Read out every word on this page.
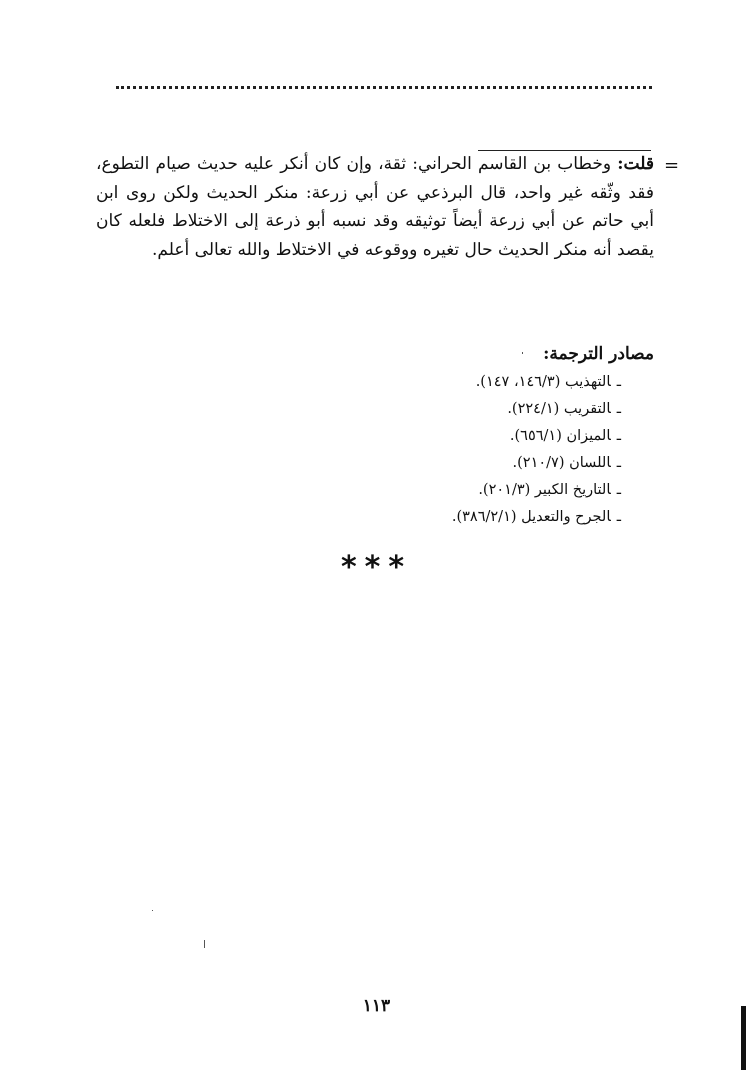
=

قلت: وخطاب بن القاسم الحراني: ثقة، وإن كان أنكر عليه حديث صيام التطوع، فقد وثّقه غير واحد، قال البرذعي عن أبي زرعة: منكر الحديث ولكن روى ابن أبي حاتم عن أبي زرعة أيضاً توثيقه وقد نسبه أبو ذرعة إلى الاختلاط فلعله كان يقصد أنه منكر الحديث حال تغيره ووقوعه في الاختلاط والله تعالى أعلم.

مصادر الترجمة:

ـالتهذيب (١٤٦/٣، ١٤٧).
ـالتقريب (٢٢٤/١).
ـالميزان (٦٥٦/١).
ـاللسان (٢١٠/٧).
ـالتاريخ الكبير (٢٠١/٣).
ـالجرح والتعديل (٣٨٦/٢/١).
***
١١٣
